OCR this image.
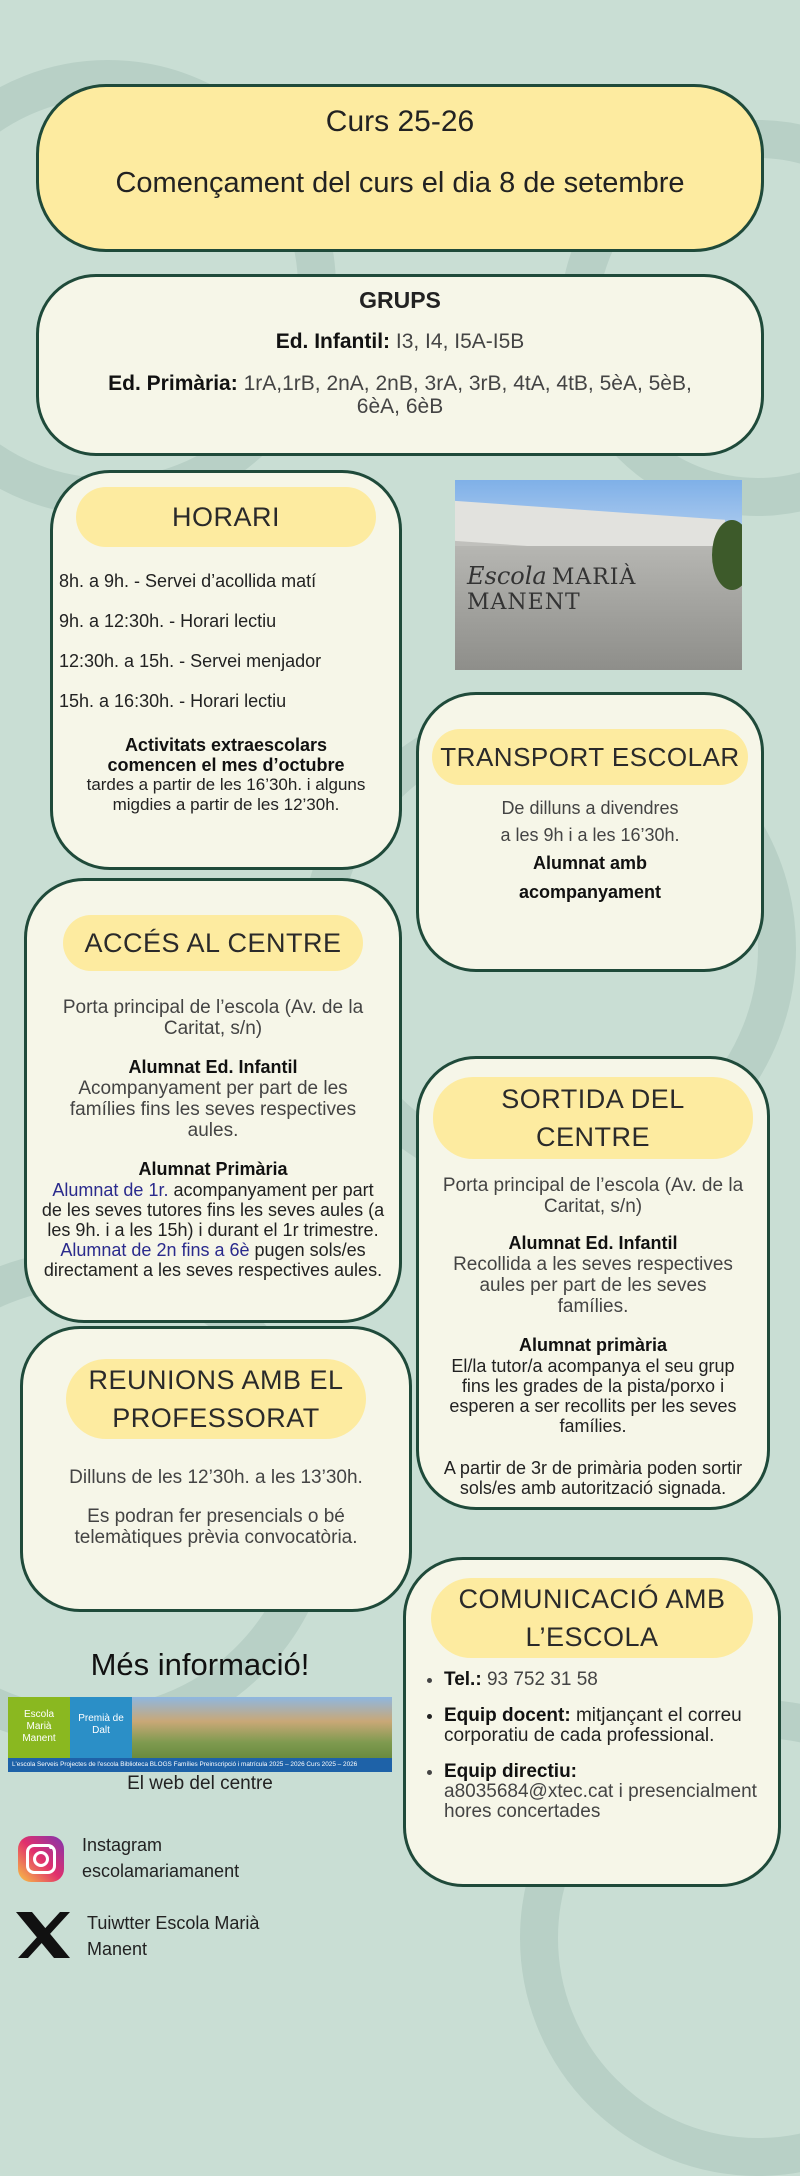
Curs 25-26
Començament del curs el dia 8 de setembre
GRUPS
Ed. Infantil: I3, I4, I5A-I5B
Ed. Primària: 1rA,1rB, 2nA, 2nB, 3rA, 3rB, 4tA, 4tB, 5èA, 5èB, 6èA, 6èB
HORARI
8h. a 9h. - Servei d’acollida matí
9h. a 12:30h. - Horari lectiu
12:30h. a 15h. - Servei menjador
15h. a 16:30h. - Horari lectiu
Activitats extraescolars comencen el mes d’octubre
tardes a partir de les 16’30h. i alguns migdies a partir de les 12’30h.
Escola MARIÀ MANENT
TRANSPORT ESCOLAR
De dilluns a divendres
a les 9h i a les 16’30h.
Alumnat amb acompanyament
ACCÉS AL CENTRE
Porta principal de l’escola (Av. de la Caritat, s/n)
Alumnat Ed. Infantil
Acompanyament per part de les famílies fins les seves respectives aules.
Alumnat Primària
Alumnat de 1r. acompanyament per part de les seves tutores fins les seves aules (a les 9h. i a les 15h) i durant el 1r trimestre. Alumnat de 2n fins a 6è pugen sols/es directament a les seves respectives aules.
SORTIDA DEL CENTRE
Porta principal de l’escola (Av. de la Caritat, s/n)
Alumnat Ed. Infantil
Recollida a les seves respectives aules per part de les seves famílies.
Alumnat primària
El/la tutor/a acompanya el seu grup fins les grades de la pista/porxo i esperen a ser recollits per les seves famílies.
A partir de 3r de primària poden sortir sols/es amb autorització signada.
REUNIONS AMB EL PROFESSORAT
Dilluns de les 12’30h. a les 13’30h.
Es podran fer presencials o bé telemàtiques prèvia convocatòria.
COMUNICACIÓ AMB L’ESCOLA
• Tel.: 93 752 31 58
• Equip docent: mitjançant el correu corporatiu de cada professional.
• Equip directiu:
a8035684@xtec.cat i presencialment hores concertades
Més informació!
Escola Marià Manent
Premià de Dalt
L'escola Serveis Projectes de l'escola Biblioteca BLOGS Famílies Preinscripció i matrícula 2025 – 2026 Curs 2025 – 2026
El web del centre
Instagram escolamariamanent
Tuiwtter Escola Marià Manent
